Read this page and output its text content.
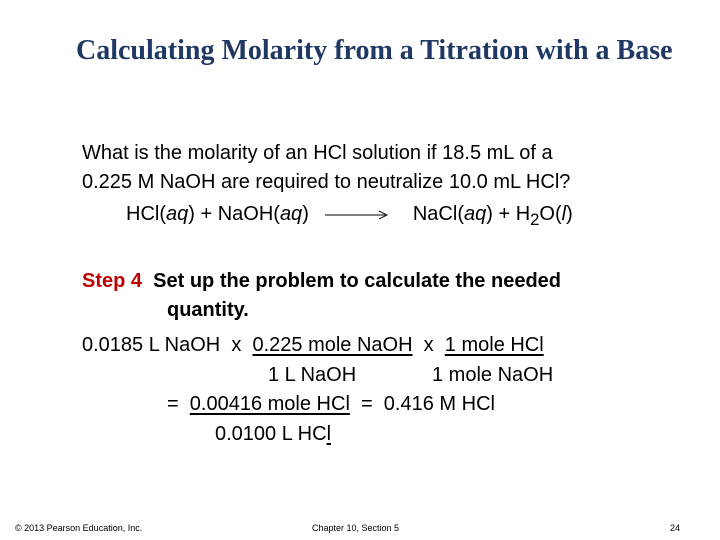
Calculating Molarity from a Titration with a Base
What is the molarity of an HCl solution if 18.5 mL of a
0.225 M NaOH are required to neutralize 10.0 mL HCl?
HCl(aq) + NaOH(aq) → NaCl(aq) + $H_2O(l)$
Step 4 Set up the problem to calculate the needed
quantity.
0.0185 L NaOH  x  0.225 mole NaOH  x  1 mole HCl
1 L NaOH	1 mole NaOH
=  0.00416 mole HCl  =  0.416 M HCl
0.0100 L HCl
© 2013 Pearson Education, Inc.	Chapter 10, Section 5	24
